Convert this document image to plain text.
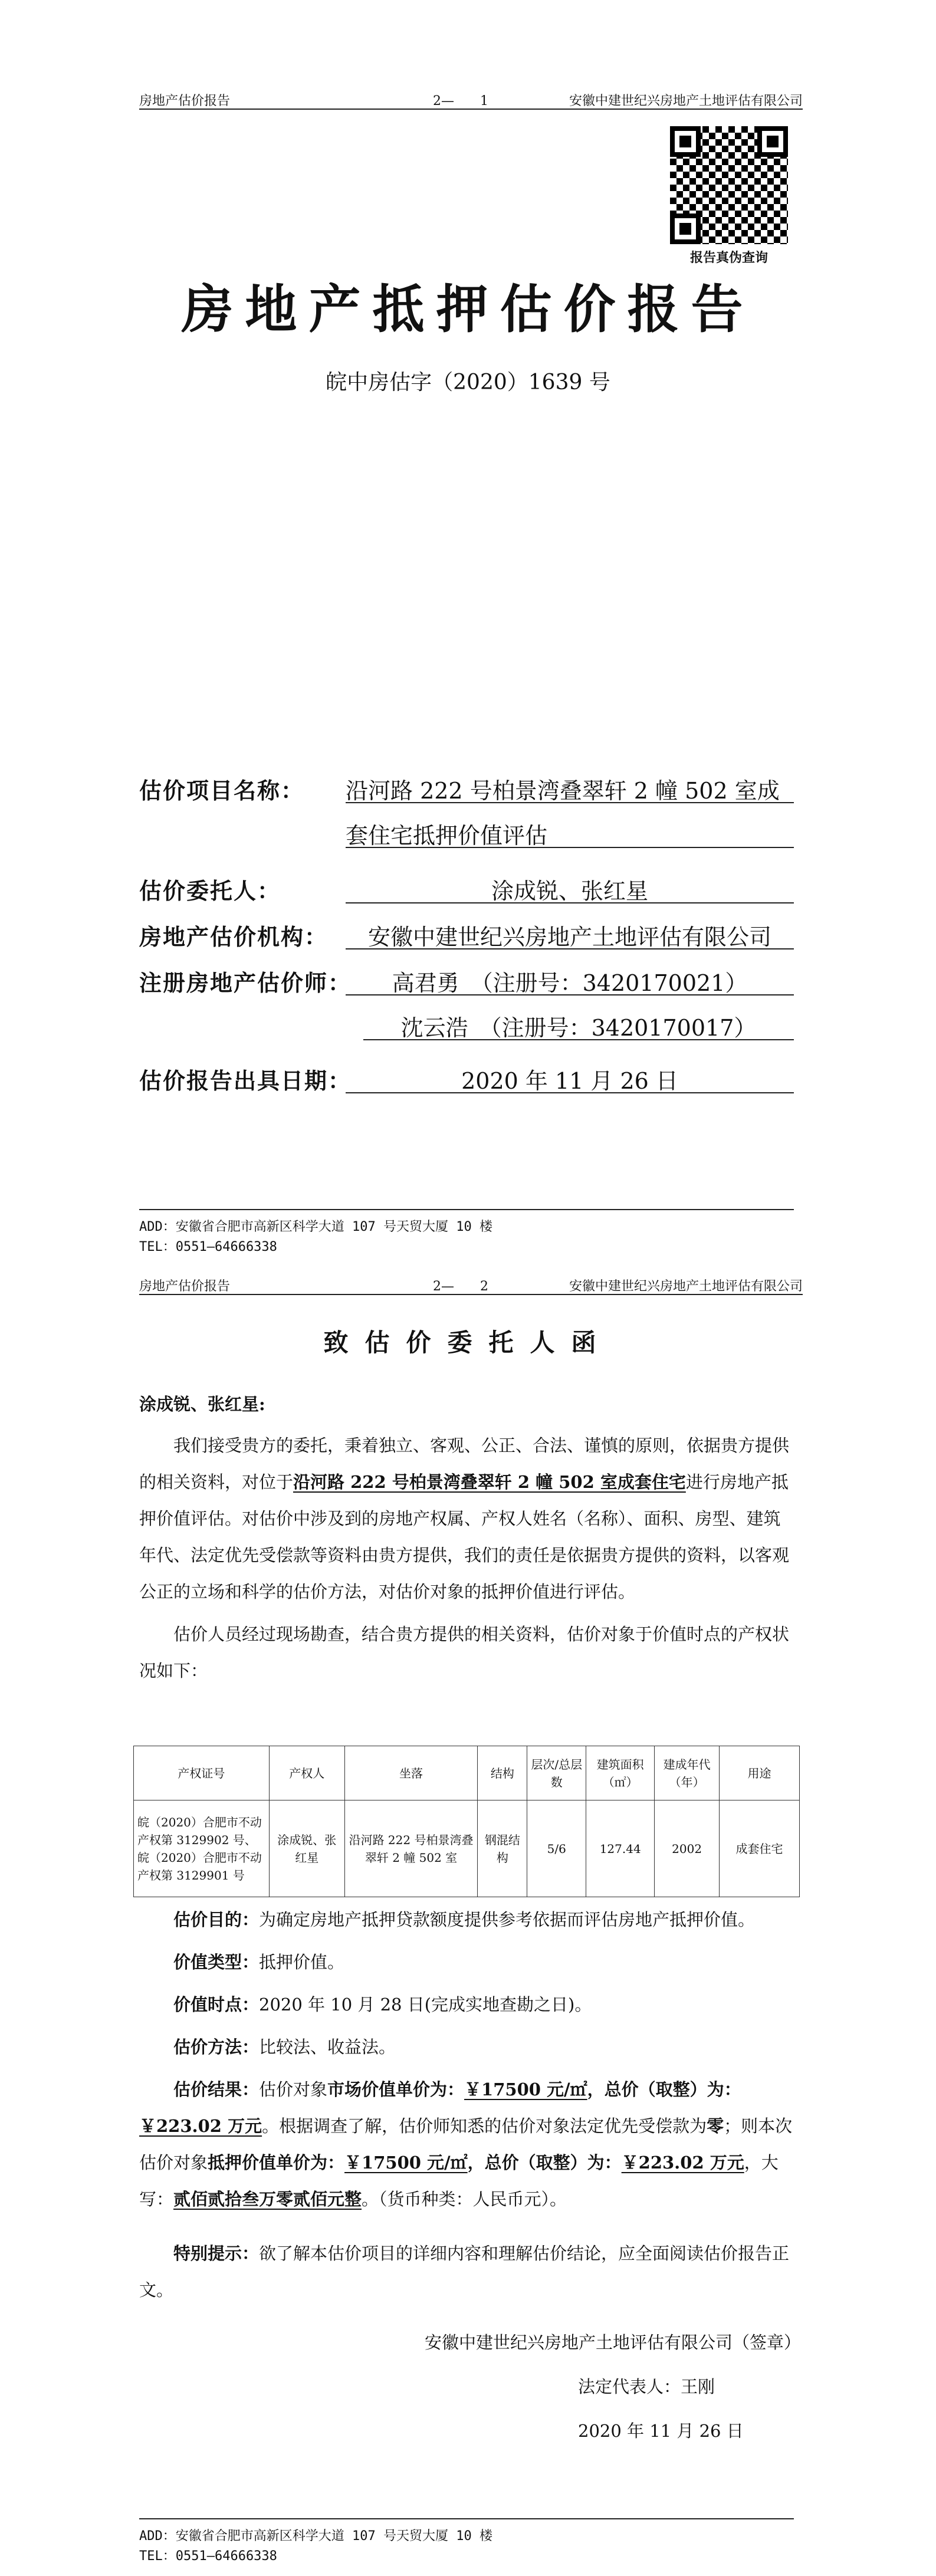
房地产估价报告	2—　　1	安徽中建世纪兴房地产土地评估有限公司
报告真伪查询
房地产抵押估价报告
皖中房估字（2020）1639 号
估价项目名称： 沿河路 222 号柏景湾叠翠轩 2 幢 502 室成
套住宅抵押价值评估
估价委托人：	涂成锐、张红星
房地产估价机构：	安徽中建世纪兴房地产土地评估有限公司
注册房地产估价师：	高君勇　（注册号：3420170021）
沈云浩　（注册号：3420170017）
估价报告出具日期：	2020 年 11 月 26 日
ADD：安徽省合肥市高新区科学大道 107 号天贸大厦 10 楼
TEL：0551—64666338
房地产估价报告	2—　　2	安徽中建世纪兴房地产土地评估有限公司
致估价委托人函
涂成锐、张红星:
我们接受贵方的委托，秉着独立、客观、公正、合法、谨慎的原则，依据贵方提供的相关资料，对位于沿河路 222 号柏景湾叠翠轩 2 幢 502 室成套住宅进行房地产抵押价值评估。对估价中涉及到的房地产权属、产权人姓名（名称）、面积、房型、建筑年代、法定优先受偿款等资料由贵方提供，我们的责任是依据贵方提供的资料，以客观公正的立场和科学的估价方法，对估价对象的抵押价值进行评估。
估价人员经过现场勘查，结合贵方提供的相关资料，估价对象于价值时点的产权状况如下：
产权证号	产权人	坐落	结构	层次/总层数	建筑面积（㎡）	建成年代（年）	用途
皖（2020）合肥市不动产权第 3129902 号、皖（2020）合肥市不动产权第 3129901 号	涂成锐、张红星	沿河路 222 号柏景湾叠翠轩 2 幢 502 室	钢混结构	5/6	127.44	2002	成套住宅
估价目的：为确定房地产抵押贷款额度提供参考依据而评估房地产抵押价值。
价值类型：抵押价值。
价值时点：2020 年 10 月 28 日(完成实地查勘之日)。
估价方法：比较法、收益法。
估价结果：估价对象市场价值单价为：￥17500 元/㎡，总价（取整）为：￥223.02 万元。根据调查了解，估价师知悉的估价对象法定优先受偿款为零；则本次估价对象抵押价值单价为：￥17500 元/㎡，总价（取整）为：￥223.02 万元，大写：贰佰贰拾叁万零贰佰元整。（货币种类：人民币元）。
特别提示：欲了解本估价项目的详细内容和理解估价结论，应全面阅读估价报告正文。
安徽中建世纪兴房地产土地评估有限公司（签章）
法定代表人：王刚
2020 年 11 月 26 日
ADD：安徽省合肥市高新区科学大道 107 号天贸大厦 10 楼
TEL：0551—64666338
